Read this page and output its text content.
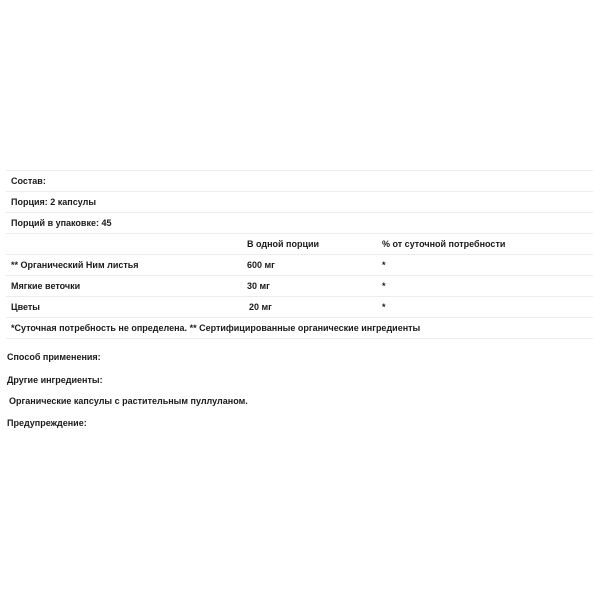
Состав:		
Порция: 2 капсулы		
Порций в упаковке: 45		
	В одной порции	% от суточной потребности
** Органический Ним листья	600 мг	*
Мягкие веточки	30 мг	*
Цветы	20 мг	*
*Суточная потребность не определена. ** Сертифицированные органические ингредиенты		
Способ применения:
Другие ингредиенты:
Органические капсулы с растительным пуллуланом.
Предупреждение:
